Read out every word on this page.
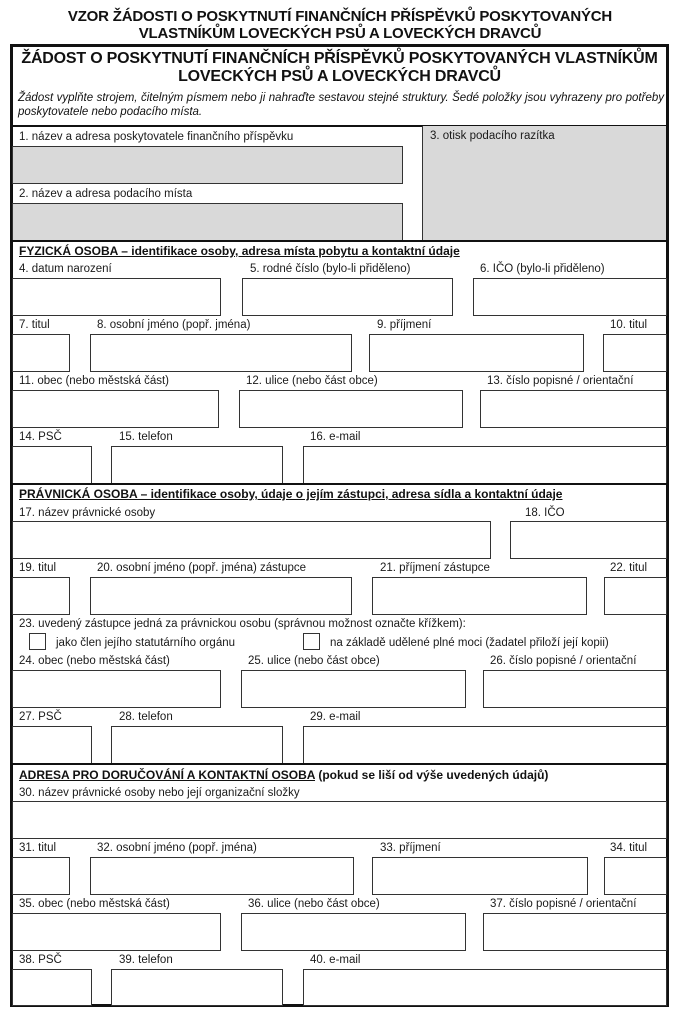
VZOR ŽÁDOSTI O POSKYTNUTÍ FINANČNÍCH PŘÍSPĚVKŮ POSKYTOVANÝCH
VLASTNÍKŮM LOVECKÝCH PSŮ A LOVECKÝCH DRAVCŮ
ŽÁDOST O POSKYTNUTÍ FINANČNÍCH PŘÍSPĚVKŮ POSKYTOVANÝCH VLASTNÍKŮM
LOVECKÝCH PSŮ A LOVECKÝCH DRAVCŮ
Žádost vyplňte strojem, čitelným písmem nebo ji nahraďte sestavou stejné struktury. Šedé položky jsou vyhrazeny pro potřeby poskytovatele nebo podacího místa.
1. název a adresa poskytovatele finančního příspěvku
2. název a adresa podacího místa
3. otisk podacího razítka
FYZICKÁ OSOBA – identifikace osoby, adresa místa pobytu a kontaktní údaje
4. datum narození	5. rodné číslo (bylo-li přiděleno)	6. IČO (bylo-li přiděleno)
7. titul	8. osobní jméno (popř. jména)	9. příjmení	10. titul
11. obec (nebo městská část)	12. ulice (nebo část obce)	13. číslo popisné / orientační
14. PSČ	15. telefon	16. e-mail
PRÁVNICKÁ OSOBA – identifikace osoby, údaje o jejím zástupci, adresa sídla a kontaktní údaje
17. název právnické osoby	18. IČO
19. titul	20. osobní jméno (popř. jména) zástupce	21. příjmení zástupce	22. titul
23. uvedený zástupce jedná za právnickou osobu (správnou možnost označte křížkem):
jako člen jejího statutárního orgánu	na základě udělené plné moci (žadatel přiloží její kopii)
24. obec (nebo městská část)	25. ulice (nebo část obce)	26. číslo popisné / orientační
27. PSČ	28. telefon	29. e-mail
ADRESA PRO DORUČOVÁNÍ A KONTAKTNÍ OSOBA (pokud se liší od výše uvedených údajů)
30. název právnické osoby nebo její organizační složky
31. titul	32. osobní jméno (popř. jména)	33. příjmení	34. titul
35. obec (nebo městská část)	36. ulice (nebo část obce)	37. číslo popisné / orientační
38. PSČ	39. telefon	40. e-mail
